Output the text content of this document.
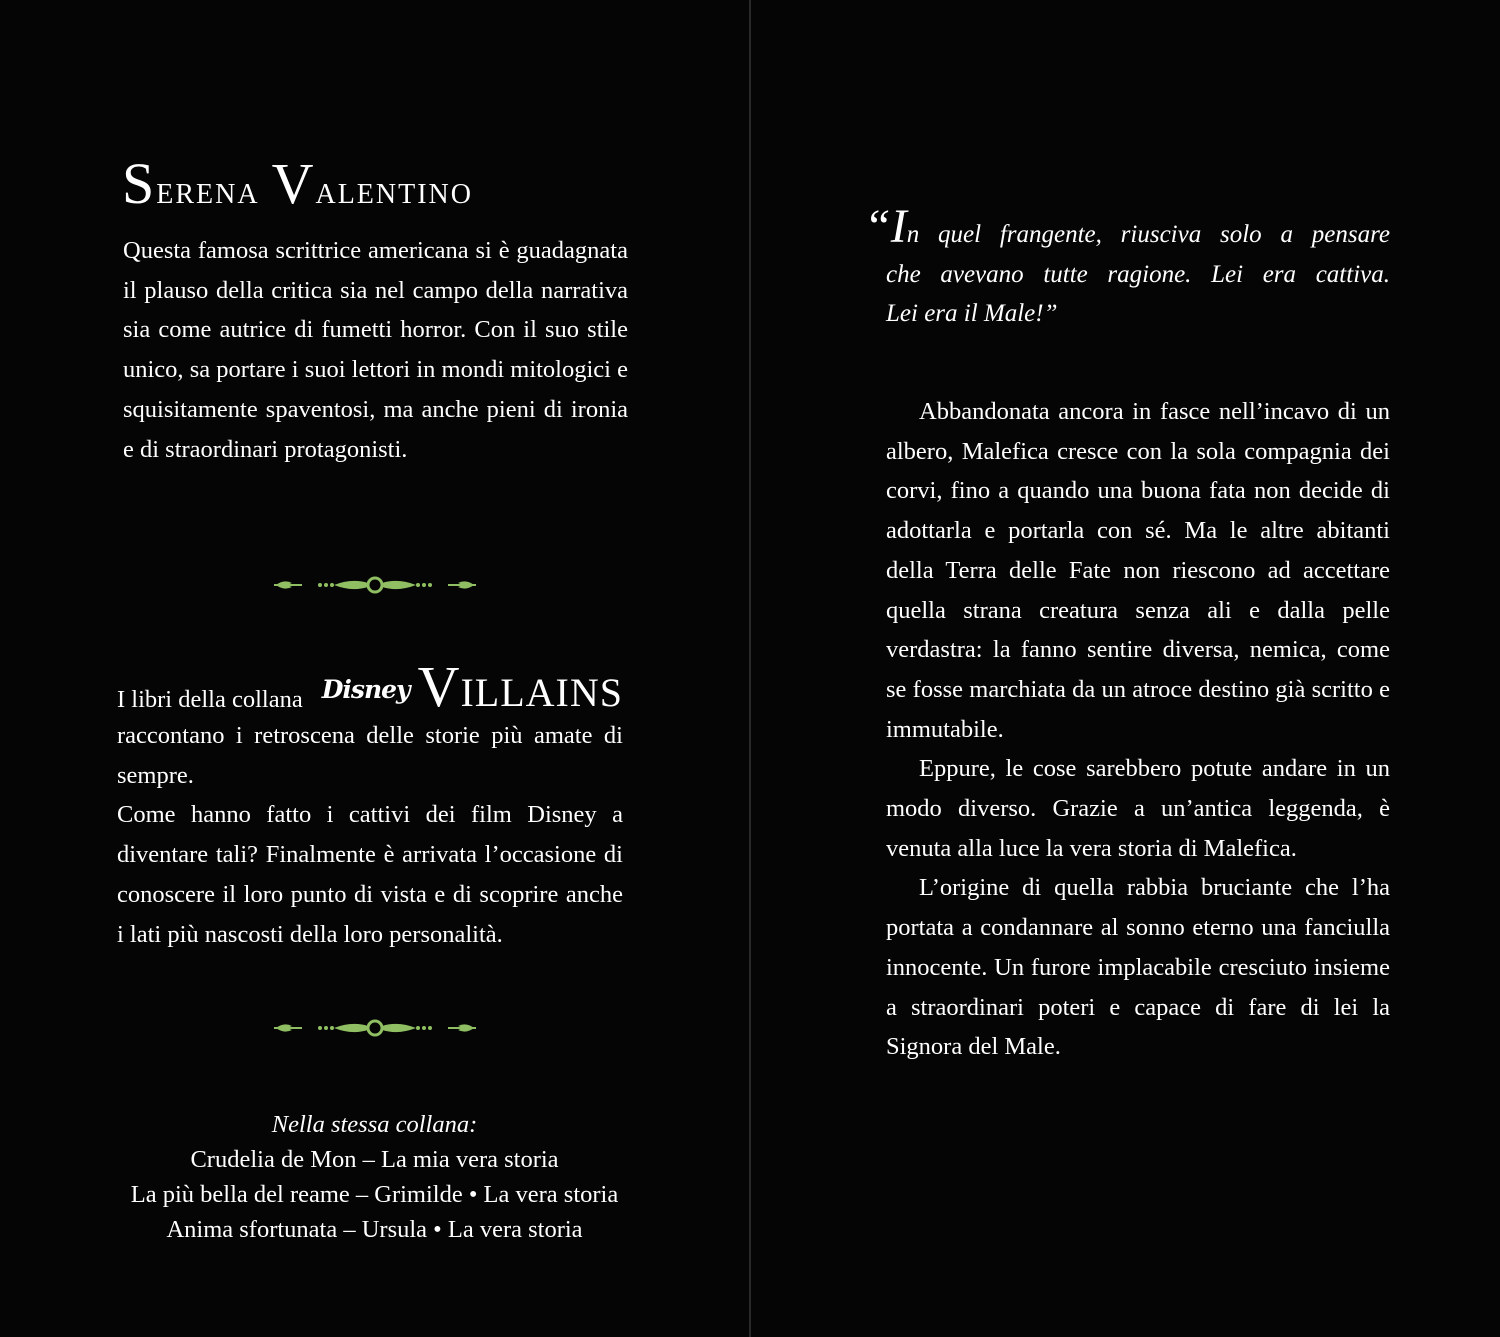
Serena Valentino

Questa famosa scrittrice americana si è guadagnata il plauso della critica sia nel campo della narrativa sia come autrice di fumetti horror. Con il suo stile unico, sa portare i suoi lettori in mondi mitologici e squisitamente spaventosi, ma anche pieni di ironia e di straordinari protagonisti.

I libri della collana Disney VILLAINS

raccontano i retroscena delle storie più amate di sempre.

Come hanno fatto i cattivi dei film Disney a diventare tali? Finalmente è arrivata l’occasione di conoscere il loro punto di vista e di scoprire anche i lati più nascosti della loro personalità.

Nella stessa collana:
Crudelia de Mon – La mia vera storia
La più bella del reame – Grimilde • La vera storia
Anima sfortunata – Ursula • La vera storia

“In quel frangente, riusciva solo a pensare
che avevano tutte ragione. Lei era cattiva.
Lei era il Male!”

Abbandonata ancora in fasce nell’incavo di un albero, Malefica cresce con la sola compagnia dei corvi, fino a quando una buona fata non decide di adottarla e portarla con sé. Ma le altre abitanti della Terra delle Fate non riescono ad accettare quella strana creatura senza ali e dalla pelle verdastra: la fanno sentire diversa, nemica, come se fosse marchiata da un atroce destino già scritto e immutabile.

Eppure, le cose sarebbero potute andare in un modo diverso. Grazie a un’antica leggenda, è venuta alla luce la vera storia di Malefica.

L’origine di quella rabbia bruciante che l’ha portata a condannare al sonno eterno una fanciulla innocente. Un furore implacabile cresciuto insieme a straordinari poteri e capace di fare di lei la Signora del Male.
